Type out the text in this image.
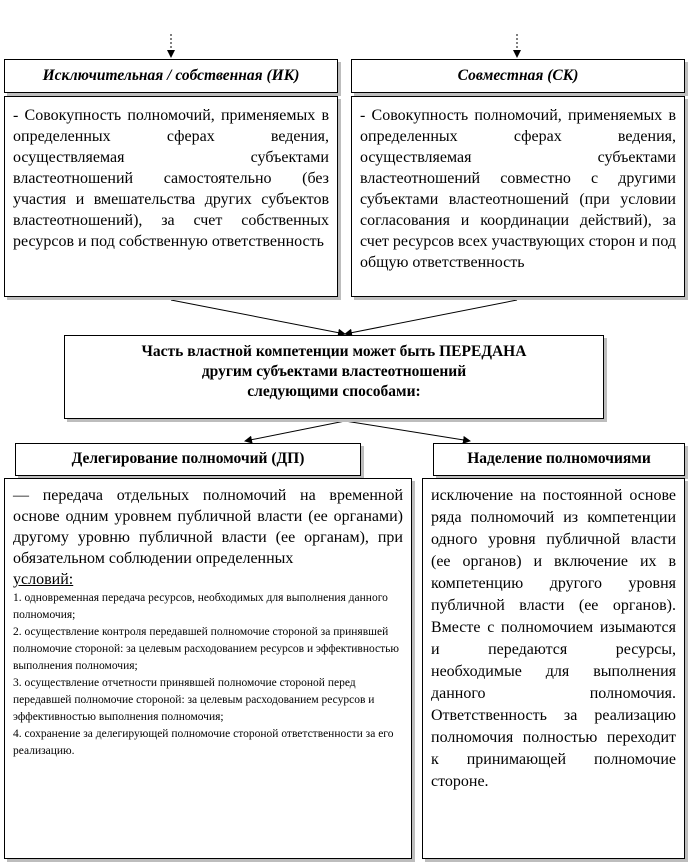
Исключительная / собственная (ИК)
- Совокупность полномочий, применяемых в определенных сферах ведения, осуществляемая субъектами властеотношений самостоятельно (без участия и вмешательства других субъектов властеотношений), за счет собственных ресурсов и под собственную ответственность
Совместная (СК)
- Совокупность полномочий, применяемых в определенных сферах ведения, осуществляемая субъектами властеотношений совместно с другими субъектами властеотношений (при условии согласования и координации действий), за счет ресурсов всех участвующих сторон и под общую ответственность
Часть властной компетенции может быть ПЕРЕДАНА
другим субъектами властеотношений
следующими способами:
Делегирование полномочий (ДП)
— передача отдельных полномочий на временной основе одним уровнем публичной власти (ее органами) другому уровню публичной власти (ее органам), при обязательном соблюдении определенных
условий:
1. одновременная передача ресурсов, необходимых для выполнения данного полномочия;
2. осуществление контроля передавшей полномочие стороной за принявшей полномочие стороной: за целевым расходованием ресурсов и эффективностью выполнения полномочия;
3. осуществление отчетности принявшей полномочие стороной перед передавшей полномочие стороной: за целевым расходованием ресурсов и эффективностью выполнения полномочия;
4. сохранение за делегирующей полномочие стороной ответственности за его реализацию.
Наделение полномочиями
исключение на постоянной основе ряда полномочий из компетенции одного уровня публичной власти (ее органов) и включение их в компетенцию другого уровня публичной власти (ее органов). Вместе с полномочием изымаются и передаются ресурсы, необходимые для выполнения данного полномочия. Ответственность за реализацию полномочия полностью переходит к принимающей полномочие стороне.
